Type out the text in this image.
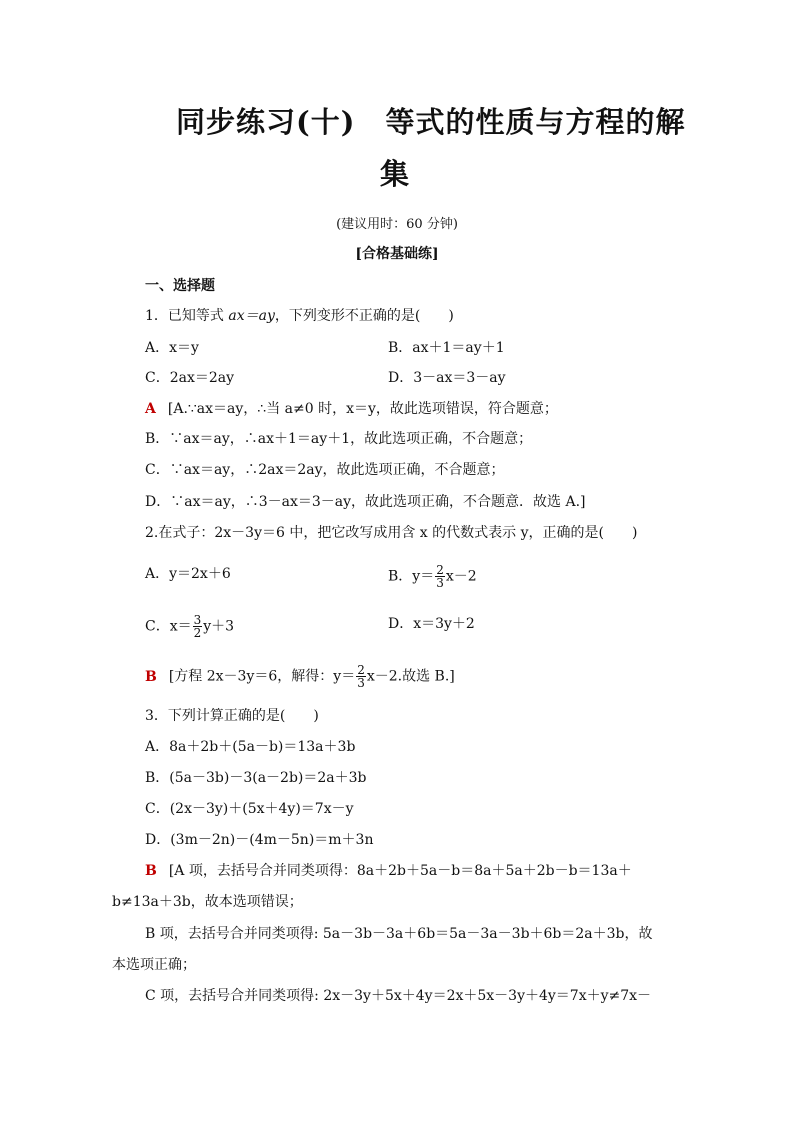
同步练习(十)　等式的性质与方程的解
集
(建议用时：60 分钟)
[合格基础练]
一、选择题
1．已知等式 ax＝ay，下列变形不正确的是(　　)
A．x＝y	B．ax＋1＝ay＋1
C．2ax＝2ay	D．3－ax＝3－ay
A [A.∵ax＝ay，∴当 a≠0 时，x＝y，故此选项错误，符合题意；
B．∵ax＝ay，∴ax＋1＝ay＋1，故此选项正确，不合题意；
C．∵ax＝ay，∴2ax＝2ay，故此选项正确，不合题意；
D．∵ax＝ay，∴3－ax＝3－ay，故此选项正确，不合题意．故选 A.]
2.在式子：2x－3y＝6 中，把它改写成用含 x 的代数式表示 y，正确的是(　　)
A．y＝2x＋6	B．$y= \frac{2}{3} x-2$
C．$x= \frac{3}{2} y+3$	D．x＝3y＋2
B [方程 2x－3y＝6，解得：$y= \frac{2}{3} x-2$.故选 B.]
3．下列计算正确的是(　　)
A．8a＋2b＋(5a－b)＝13a＋3b
B．(5a－3b)－3(a－2b)＝2a＋3b
C．(2x－3y)＋(5x＋4y)＝7x－y
D．(3m－2n)－(4m－5n)＝m＋3n
B [A 项，去括号合并同类项得：8a＋2b＋5a－b＝8a＋5a＋2b－b＝13a＋
b≠13a＋3b，故本选项错误；
B 项，去括号合并同类项得: 5a－3b－3a＋6b＝5a－3a－3b＋6b＝2a＋3b，故
本选项正确；
C 项，去括号合并同类项得: 2x－3y＋5x＋4y＝2x＋5x－3y＋4y＝7x＋y≠7x－
